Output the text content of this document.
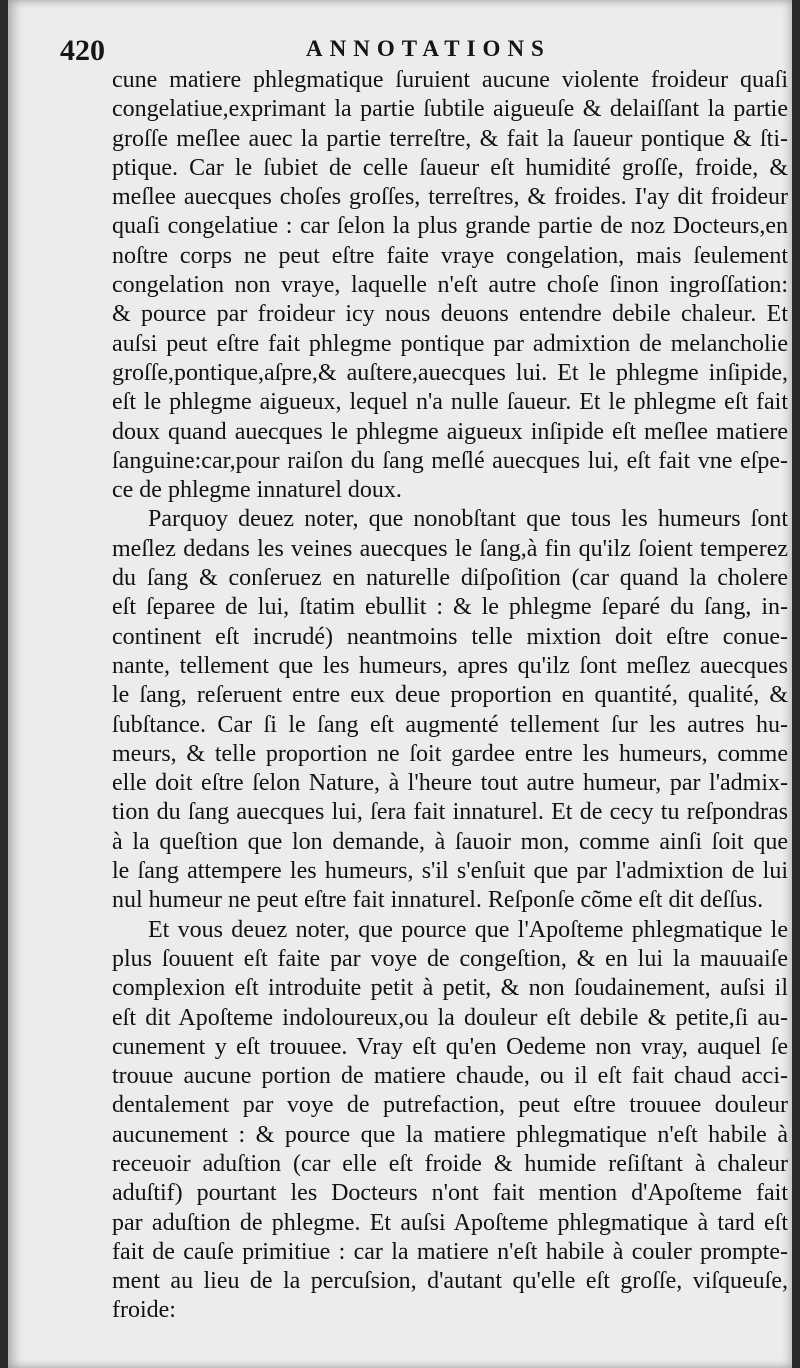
420	ANNOTATIONS
cune matiere phlegmatique ſuruient aucune violente froideur quaſi
congelatiue,exprimant la partie ſubtile aigueuſe & delaiſſant la partie
groſſe meſlee auec la partie terreſtre, & fait la ſaueur pontique & ſti-
ptique. Car le ſubiet de celle ſaueur eſt humidité groſſe, froide, &
meſlee auecques choſes groſſes, terreſtres, & froides. I'ay dit froideur
quaſi congelatiue : car ſelon la plus grande partie de noz Docteurs,en
noſtre corps ne peut eſtre faite vraye congelation, mais ſeulement
congelation non vraye, laquelle n'eſt autre choſe ſinon ingroſſation:
& pource par froideur icy nous deuons entendre debile chaleur. Et
auſsi peut eſtre fait phlegme pontique par admixtion de melancholie
groſſe,pontique,aſpre,& auſtere,auecques lui. Et le phlegme inſipide,
eſt le phlegme aigueux, lequel n'a nulle ſaueur. Et le phlegme eſt fait
doux quand auecques le phlegme aigueux inſipide eſt meſlee matiere
ſanguine:car,pour raiſon du ſang meſlé auecques lui, eſt fait vne eſpe-
ce de phlegme innaturel doux.
Parquoy deuez noter, que nonobſtant que tous les humeurs ſont
meſlez dedans les veines auecques le ſang,à fin qu'ilz ſoient temperez
du ſang & conſeruez en naturelle diſpoſition (car quand la cholere
eſt ſeparee de lui, ſtatim ebullit : & le phlegme ſeparé du ſang, in-
continent eſt incrudé) neantmoins telle mixtion doit eſtre conue-
nante, tellement que les humeurs, apres qu'ilz ſont meſlez auecques
le ſang, reſeruent entre eux deue proportion en quantité, qualité, &
ſubſtance. Car ſi le ſang eſt augmenté tellement ſur les autres hu-
meurs, & telle proportion ne ſoit gardee entre les humeurs, comme
elle doit eſtre ſelon Nature, à l'heure tout autre humeur, par l'admix-
tion du ſang auecques lui, ſera fait innaturel. Et de cecy tu reſpondras
à la queſtion que lon demande, à ſauoir mon, comme ainſi ſoit que
le ſang attempere les humeurs, s'il s'enſuit que par l'admixtion de lui
nul humeur ne peut eſtre fait innaturel. Reſponſe cõme eſt dit deſſus.
Et vous deuez noter, que pource que l'Apoſteme phlegmatique le
plus ſouuent eſt faite par voye de congeſtion, & en lui la mauuaiſe
complexion eſt introduite petit à petit, & non ſoudainement, auſsi il
eſt dit Apoſteme indoloureux,ou la douleur eſt debile & petite,ſi au-
cunement y eſt trouuee. Vray eſt qu'en Oedeme non vray, auquel ſe
trouue aucune portion de matiere chaude, ou il eſt fait chaud acci-
dentalement par voye de putrefaction, peut eſtre trouuee douleur
aucunement : & pource que la matiere phlegmatique n'eſt habile à
receuoir aduſtion (car elle eſt froide & humide reſiſtant à chaleur
aduſtif) pourtant les Docteurs n'ont fait mention d'Apoſteme fait
par aduſtion de phlegme. Et auſsi Apoſteme phlegmatique à tard eſt
fait de cauſe primitiue : car la matiere n'eſt habile à couler prompte-
ment au lieu de la percuſsion, d'autant qu'elle eſt groſſe, viſqueuſe,
froide:
